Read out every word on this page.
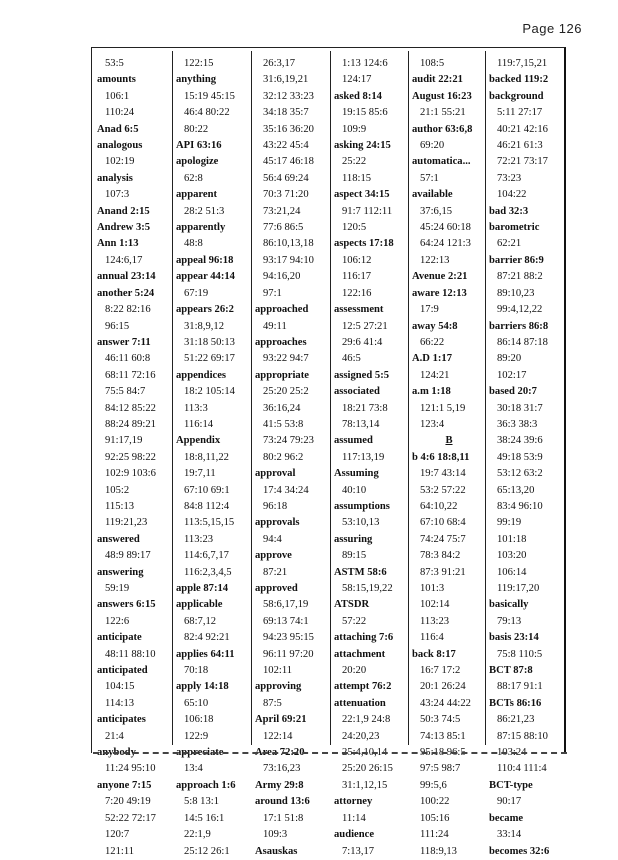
Page 126
53:5
amounts
106:1
110:24
Anad 6:5
analogous
102:19
analysis
107:3
Anand 2:15
Andrew 3:5
Ann 1:13
124:6,17
annual 23:14
another 5:24
8:22 82:16
96:15
answer 7:11
46:11 60:8
68:11 72:16
75:5 84:7
84:12 85:22
88:24 89:21
91:17,19
92:25 98:22
102:9 103:6
105:2
115:13
119:21,23
answered
48:9 89:17
answering
59:19
answers 6:15
122:6
anticipate
48:11 88:10
anticipated
104:15
114:13
anticipates
21:4
anybody
11:24 95:10
anyone 7:15
7:20 49:19
52:22 72:17
120:7
121:11
122:15
anything
15:19 45:15
46:4 80:22
80:22
API 63:16
apologize
62:8
apparent
28:2 51:3
apparently
48:8
appeal 96:18
appear 44:14
67:19
appears 26:2
31:8,9,12
31:18 50:13
51:22 69:17
appendices
18:2 105:14
113:3
116:14
Appendix
18:8,11,22
19:7,11
67:10 69:1
84:8 112:4
113:5,15,15
113:23
114:6,7,17
116:2,3,4,5
apple 87:14
applicable
68:7,12
82:4 92:21
applies 64:11
70:18
apply 14:18
65:10
106:18
122:9
appreciate
13:4
approach 1:6
5:8 13:1
14:5 16:1
22:1,9
25:12 26:1
26:3,17
31:6,19,21
32:12 33:23
34:18 35:7
35:16 36:20
43:22 45:4
45:17 46:18
56:4 69:24
70:3 71:20
73:21,24
77:6 86:5
86:10,13,18
93:17 94:10
94:16,20
97:1
approached
49:11
approaches
93:22 94:7
appropriate
25:20 25:2
36:16,24
41:5 53:8
73:24 79:23
80:2 96:2
approval
17:4 34:24
96:18
approvals
94:4
approve
87:21
approved
58:6,17,19
69:13 74:1
94:23 95:15
96:11 97:20
102:11
approving
87:5
April 69:21
122:14
Area 72:20
73:16,23
Army 29:8
around 13:6
17:1 51:8
109:3
Asauskas
1:13 124:6
124:17
asked 8:14
19:15 85:6
109:9
asking 24:15
25:22
118:15
aspect 34:15
91:7 112:11
120:5
aspects 17:18
106:12
116:17
122:16
assessment
12:5 27:21
29:6 41:4
46:5
assigned 5:5
associated
18:21 73:8
78:13,14
assumed
117:13,19
Assuming
40:10
assumptions
53:10,13
assuring
89:15
ASTM 58:6
58:15,19,22
ATSDR
57:22
attaching 7:6
attachment
20:20
attempt 76:2
attenuation
22:1,9 24:8
24:20,23
25:4,10,14
25:20 26:15
31:1,12,15
attorney
11:14
audience
7:13,17
108:5
audit 22:21
August 16:23
21:1 55:21
author 63:6,8
69:20
automatica...
57:1
available
37:6,15
45:24 60:18
64:24 121:3
122:13
Avenue 2:21
aware 12:13
17:9
away 54:8
66:22
A.D 1:17
124:21
a.m 1:18
121:1 5,19
123:4
B
b 4:6 18:8,11
19:7 43:14
53:2 57:22
64:10,22
67:10 68:4
74:24 75:7
78:3 84:2
87:3 91:21
101:3
102:14
113:23
116:4
back 8:17
16:7 17:2
20:1 26:24
43:24 44:22
50:3 74:5
74:13 85:1
95:18 96:5
97:5 98:7
99:5,6
100:22
105:16
111:24
118:9,13
119:7,15,21
backed 119:2
background
5:11 27:17
40:21 42:16
46:21 61:3
72:21 73:17
73:23
104:22
bad 32:3
barometric
62:21
barrier 86:9
87:21 88:2
89:10,23
99:4,12,22
barriers 86:8
86:14 87:18
89:20
102:17
based 20:7
30:18 31:7
36:3 38:3
38:24 39:6
49:18 53:9
53:12 63:2
65:13,20
83:4 96:10
99:19
101:18
103:20
106:14
119:17,20
basically
79:13
basis 23:14
75:8 110:5
BCT 87:8
88:17 91:1
BCTs 86:16
86:21,23
87:15 88:10
103:24
110:4 111:4
BCT-type
90:17
became
33:14
becomes 32:6
